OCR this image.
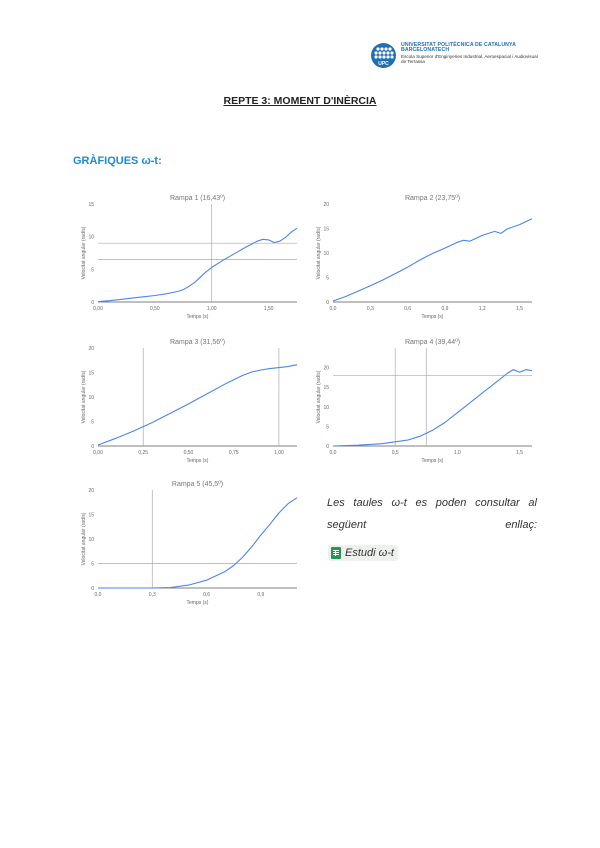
UPC
UNIVERSITAT POLITÈCNICA DE CATALUNYA BARCELONATECH
Escola Superior d'Enginyeries Industrial, Aeroespacial i Audiovisual de Terrassa
REPTE 3: MOMENT D'INÈRCIA
GRÀFIQUES ω-t:
Rampa 1 (16,43º)
0
5
10
15
0,00	0,50	1,00	1,50
Temps (s)
Velocitat angular (rad/s)
Rampa 2 (23,75º)
0
5
10
15
20
0,0	0,3	0,6	0,9	1,2	1,5
Temps (s)
Velocitat angular (rad/s)
Rampa 3 (31,56º)
0
5
10
15
20
0,00	0,25	0,50	0,75	1,00
Temps (s)
Velocitat angular (rad/s)
Rampa 4 (39,44º)
0
5
10
15
20
0,0	0,5	1,0	1,5
Temps (s)
Velocitat angular (rad/s)
Rampa 5 (45,5º)
0
5
10
15
20
0,0	0,3	0,6	0,9
Temps (s)
Velocitat angular (rad/s)
Les taules ω-t es poden consultar al següent enllaç:
Estudi ω-t
